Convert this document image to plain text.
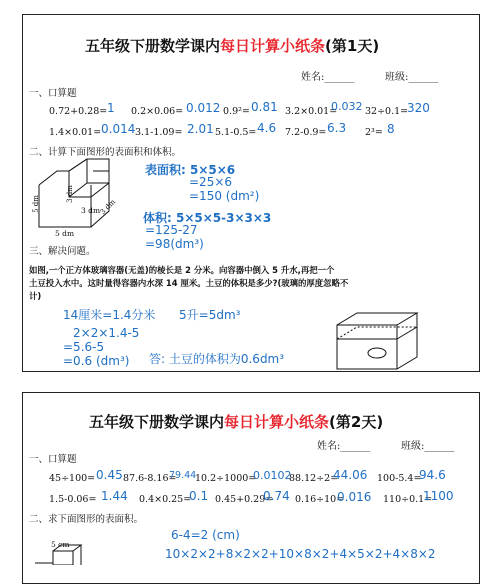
五年级下册数学课内每日计算小纸条(第1天)
姓名:______	班级:______
一、口算题
0.72+0.28= 1 0.2×0.06= 0.012 0.9²= 0.81 3.2×0.01=
0.032 32÷0.1=
320
1.4×0.01= 0.014 3.1-1.09= 2.01 5.1-0.5= 4.6 7.2-0.9= 6.3 2³= 8
二、计算下面图形的表面积和体积。
5 dm
5 dm
3 dm
3 dm
3 dm
表面积: 5×5×6
=25×6
=150 (dm²)
体积: 5×5×5-3×3×3
=125-27
=98(dm³)
三、解决问题。
如图,一个正方体玻璃容器(无盖)的棱长是 2 分米。向容器中倒入 5 升水,再把一个
土豆投入水中。这时量得容器内水深 14 厘米。土豆的体积是多少?(玻璃的厚度忽略不
计)
14厘米=1.4分米 5升=5dm³
2×2×1.4-5
=5.6-5
=0.6 (dm³) 答: 土豆的体积为0.6dm³
五年级下册数学课内每日计算小纸条(第2天)
姓名:______	班级:______
一、口算题
45÷100= 0.45 87.6-8.16=
79.44
10.2÷1000=
0.0102
88.12÷2=
44.06 100-5.4=
94.6
1.5-0.06= 1.44 0.4×0.25=
0.1 0.45+0.29=
0.74 0.16÷10=
0.016 110÷0.1=
1100
二、求下面图形的表面积。
5 cm
6-4=2 (cm)
10×2×2+8×2×2+10×8×2+4×5×2+4×8×2
